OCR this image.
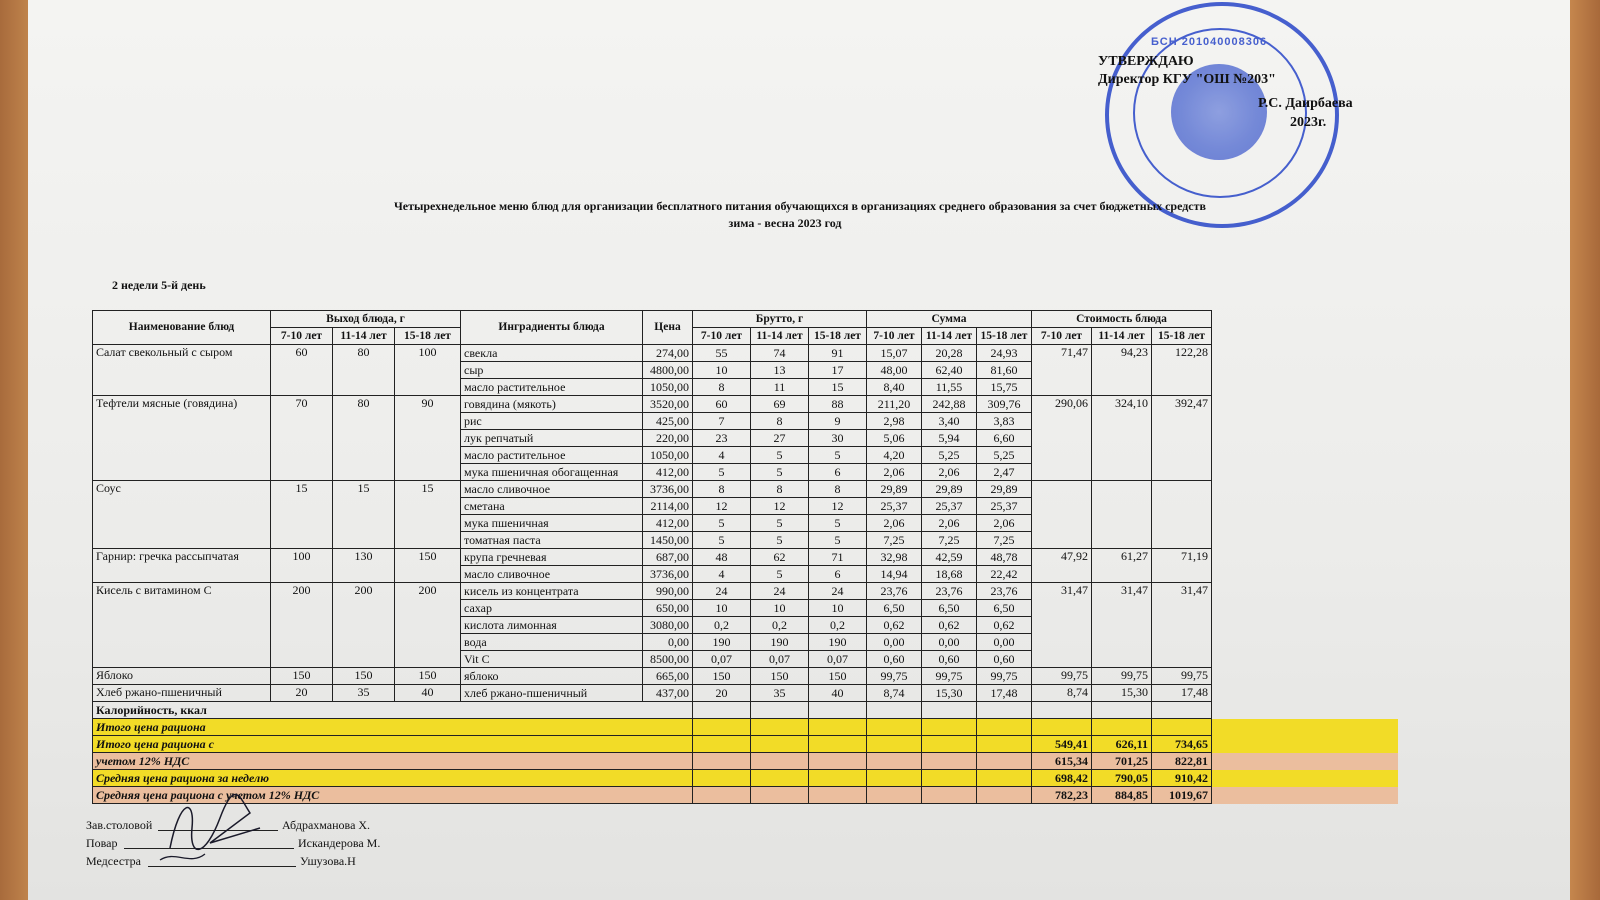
БСН 201040008306
УТВЕРЖДАЮ
Директор КГУ "ОШ №203"
Р.С. Даирбаева
2023г.
Четырехнедельное меню блюд для организации бесплатного питания обучающихся в организациях среднего образования за счет бюджетных средств
зима - весна 2023 год
2 недели 5-й день
Наименование блюд	Выход блюда, г			Инградиенты блюда	Цена	Брутто, г			Сумма			Стоимость блюда			
	7-10 лет	11-14 лет	15-18 лет			7-10 лет	11-14 лет	15-18 лет	7-10 лет	11-14 лет	15-18 лет	7-10 лет	11-14 лет	15-18 лет	
Салат свекольный с сыром	60	80	100	свекла	274,00	55	74	91	15,07	20,28	24,93	71,47	94,23	122,28	
				сыр	4800,00	10	13	17	48,00	62,40	81,60				
				масло растительное	1050,00	8	11	15	8,40	11,55	15,75				
Тефтели мясные (говядина)	70	80	90	говядина (мякоть)	3520,00	60	69	88	211,20	242,88	309,76	290,06	324,10	392,47	
				рис	425,00	7	8	9	2,98	3,40	3,83				
				лук репчатый	220,00	23	27	30	5,06	5,94	6,60				
				масло растительное	1050,00	4	5	5	4,20	5,25	5,25				
				мука пшеничная обогащенная	412,00	5	5	6	2,06	2,06	2,47				
Соус	15	15	15	масло сливочное	3736,00	8	8	8	29,89	29,89	29,89				
				сметана	2114,00	12	12	12	25,37	25,37	25,37				
				мука пшеничная	412,00	5	5	5	2,06	2,06	2,06				
				томатная паста	1450,00	5	5	5	7,25	7,25	7,25				
Гарнир: гречка рассыпчатая	100	130	150	крупа гречневая	687,00	48	62	71	32,98	42,59	48,78	47,92	61,27	71,19	
				масло сливочное	3736,00	4	5	6	14,94	18,68	22,42				
Кисель с витамином С	200	200	200	кисель из концентрата	990,00	24	24	24	23,76	23,76	23,76	31,47	31,47	31,47	
				сахар	650,00	10	10	10	6,50	6,50	6,50				
				кислота лимонная	3080,00	0,2	0,2	0,2	0,62	0,62	0,62				
				вода	0,00	190	190	190	0,00	0,00	0,00				
				Vit C	8500,00	0,07	0,07	0,07	0,60	0,60	0,60				
Яблоко	150	150	150	яблоко	665,00	150	150	150	99,75	99,75	99,75	99,75	99,75	99,75	
Хлеб ржано-пшеничный	20	35	40	хлеб ржано-пшеничный	437,00	20	35	40	8,74	15,30	17,48	8,74	15,30	17,48	
Калорийность, ккал															
Итого цена рациона															
Итого цена рациона с												549,41	626,11	734,65	
учетом 12% НДС												615,34	701,25	822,81	
Средняя цена рациона за неделю												698,42	790,05	910,42	
Средняя цена рациона с учетом 12% НДС												782,23	884,85	1019,67	
Зав.столовой	Абдрахманова Х.
Повар	Искандерова М.
Медсестра	Ушузова.Н
